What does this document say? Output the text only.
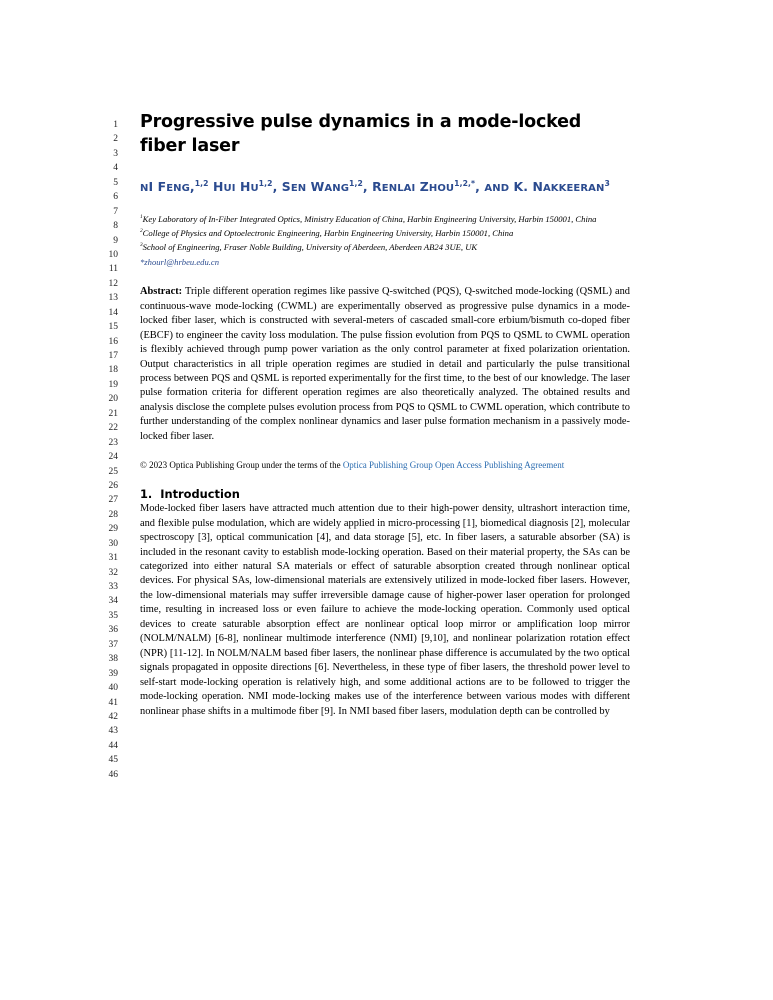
1
2
3
4
5
6
7
8
9
10
11
12
13
14
15
16
17
18
19
20
21
22
23
24
25
26
27
28
29
30
31
32
33
34
35
36
37
38
39
40
41
42
43
44
45
46
Progressive pulse dynamics in a mode-locked fiber laser
NI FENG,$^{1,2}$ HUI HU$^{1,2}$, SEN WANG$^{1,2}$, RENLAI $ZHOU^{1,2,*}$, AND K. NAKKEERAN$^3$
$^1$Key Laboratory of In-Fiber Integrated Optics, Ministry Education of China, Harbin Engineering University, Harbin 150001, China
$^2$College of Physics and Optoelectronic Engineering, Harbin Engineering University, Harbin 150001, China
$^3$School of Engineering, Fraser Noble Building, University of Aberdeen, Aberdeen AB24 3UE, UK
*zhourl@hrbeu.edu.cn
Abstract: Triple different operation regimes like passive Q-switched (PQS), Q-switched mode-locking (QSML) and continuous-wave mode-locking (CWML) are experimentally observed as progressive pulse dynamics in a mode-locked fiber laser, which is constructed with several-meters of cascaded small-core erbium/bismuth co-doped fiber (EBCF) to engineer the cavity loss modulation. The pulse fission evolution from PQS to QSML to CWML operation is flexibly achieved through pump power variation as the only control parameter at fixed polarization orientation. Output characteristics in all triple operation regimes are studied in detail and particularly the pulse transitional process between PQS and QSML is reported experimentally for the first time, to the best of our knowledge. The laser pulse formation criteria for different operation regimes are also theoretically analyzed. The obtained results and analysis disclose the complete pulses evolution process from PQS to QSML to CWML operation, which contribute to further understanding of the complex nonlinear dynamics and laser pulse formation mechanism in a passively mode-locked fiber laser.
© 2023 Optica Publishing Group under the terms of the Optica Publishing Group Open Access Publishing Agreement
1. Introduction
Mode-locked fiber lasers have attracted much attention due to their high-power density, ultrashort interaction time, and flexible pulse modulation, which are widely applied in micro-processing [1], biomedical diagnosis [2], molecular spectroscopy [3], optical communication [4], and data storage [5], etc. In fiber lasers, a saturable absorber (SA) is included in the resonant cavity to establish mode-locking operation. Based on their material property, the SAs can be categorized into either natural SA materials or effect of saturable absorption created through nonlinear optical devices. For physical SAs, low-dimensional materials are extensively utilized in mode-locked fiber lasers. However, the low-dimensional materials may suffer irreversible damage cause of higher-power laser operation for prolonged time, resulting in increased loss or even failure to achieve the mode-locking operation. Commonly used optical devices to create saturable absorption effect are nonlinear optical loop mirror or amplification loop mirror (NOLM/NALM) [6-8], nonlinear multimode interference (NMI) [9,10], and nonlinear polarization rotation effect (NPR) [11-12]. In NOLM/NALM based fiber lasers, the nonlinear phase difference is accumulated by the two optical signals propagated in opposite directions [6]. Nevertheless, in these type of fiber lasers, the threshold power level to self-start mode-locking operation is relatively high, and some additional actions are to be followed to trigger the mode-locking operation. NMI mode-locking makes use of the interference between various modes with different nonlinear phase shifts in a multimode fiber [9]. In NMI based fiber lasers, modulation depth can be controlled by
